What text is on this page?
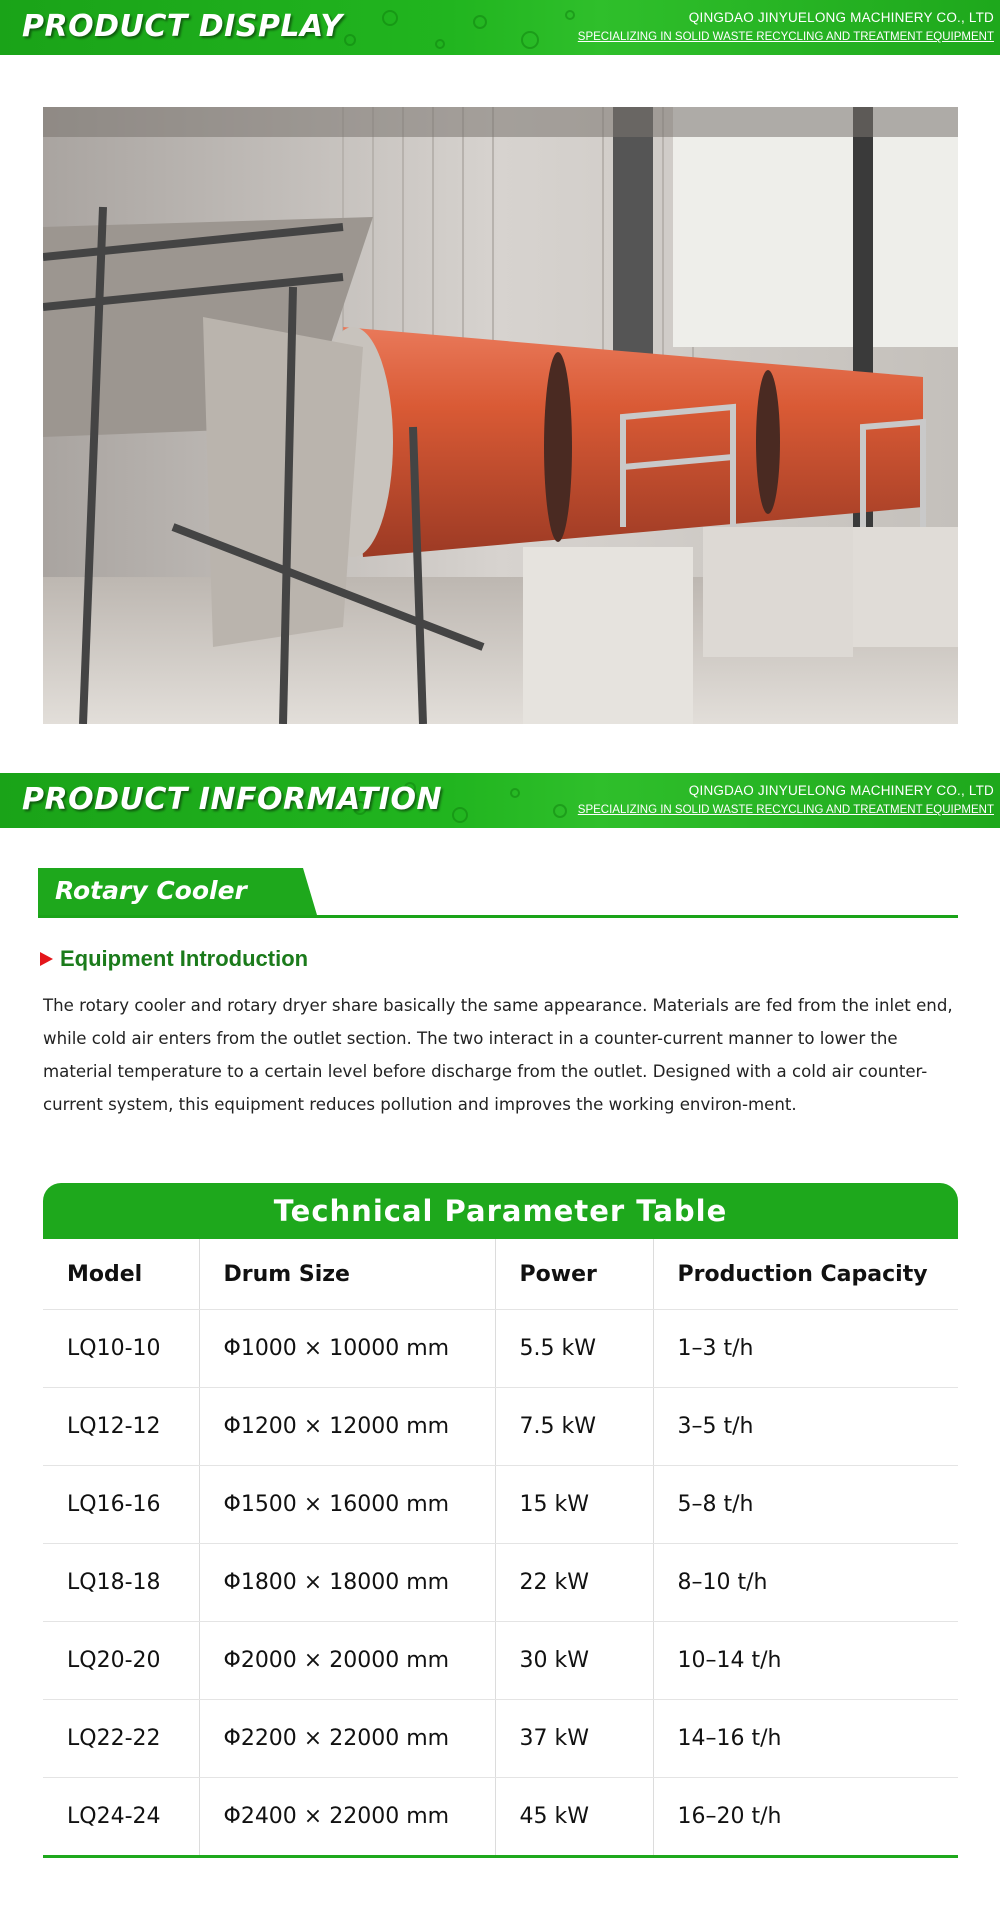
PRODUCT DISPLAY	QINGDAO JINYUELONG MACHINERY CO., LTD
SPECIALIZING IN SOLID WASTE RECYCLING AND TREATMENT EQUIPMENT
PRODUCT INFORMATION	QINGDAO JINYUELONG MACHINERY CO., LTD
SPECIALIZING IN SOLID WASTE RECYCLING AND TREATMENT EQUIPMENT
Rotary Cooler
Equipment Introduction

The rotary cooler and rotary dryer share basically the same appearance. Materials are fed from the inlet end, while cold air enters from the outlet section. The two interact in a counter-current manner to lower the material temperature to a certain level before discharge from the outlet. Designed with a cold air counter-current system, this equipment reduces pollution and improves the working environ-ment.

Technical Parameter Table
Model	Drum Size	Power	Production Capacity
LQ10-10	Φ1000 × 10000 mm	5.5 kW	1–3 t/h
LQ12-12	Φ1200 × 12000 mm	7.5 kW	3–5 t/h
LQ16-16	Φ1500 × 16000 mm	15 kW	5–8 t/h
LQ18-18	Φ1800 × 18000 mm	22 kW	8–10 t/h
LQ20-20	Φ2000 × 20000 mm	30 kW	10–14 t/h
LQ22-22	Φ2200 × 22000 mm	37 kW	14–16 t/h
LQ24-24	Φ2400 × 22000 mm	45 kW	16–20 t/h
